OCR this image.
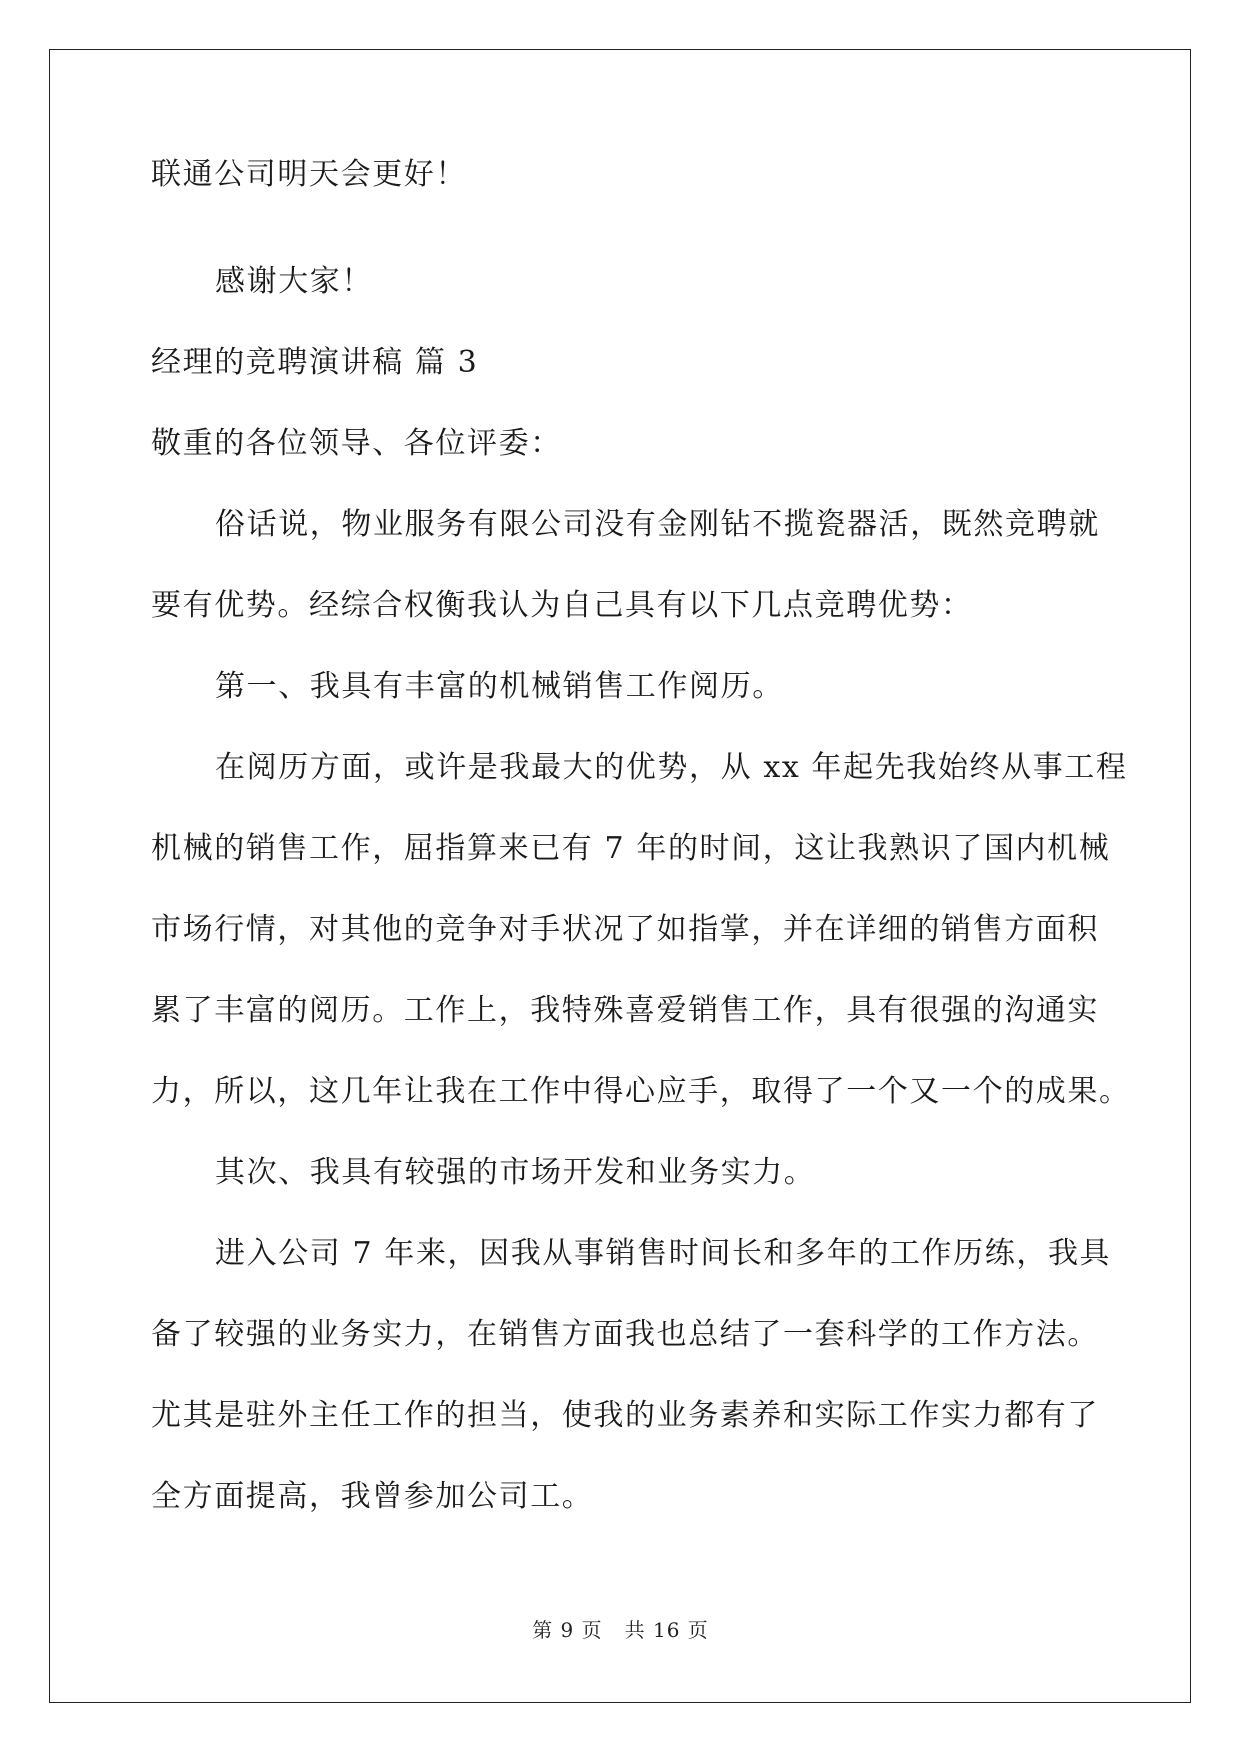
联通公司明天会更好！
感谢大家！
经理的竞聘演讲稿 篇 3
敬重的各位领导、各位评委：
俗话说，物业服务有限公司没有金刚钻不揽瓷器活，既然竞聘就
要有优势。经综合权衡我认为自己具有以下几点竞聘优势：
第一、我具有丰富的机械销售工作阅历。
在阅历方面，或许是我最大的优势，从 xx 年起先我始终从事工程
机械的销售工作，屈指算来已有 7 年的时间，这让我熟识了国内机械
市场行情，对其他的竞争对手状况了如指掌，并在详细的销售方面积
累了丰富的阅历。工作上，我特殊喜爱销售工作，具有很强的沟通实
力，所以，这几年让我在工作中得心应手，取得了一个又一个的成果。
其次、我具有较强的市场开发和业务实力。
进入公司 7 年来，因我从事销售时间长和多年的工作历练，我具
备了较强的业务实力，在销售方面我也总结了一套科学的工作方法。
尤其是驻外主任工作的担当，使我的业务素养和实际工作实力都有了
全方面提高，我曾参加公司工。
第 9 页 共 16 页
